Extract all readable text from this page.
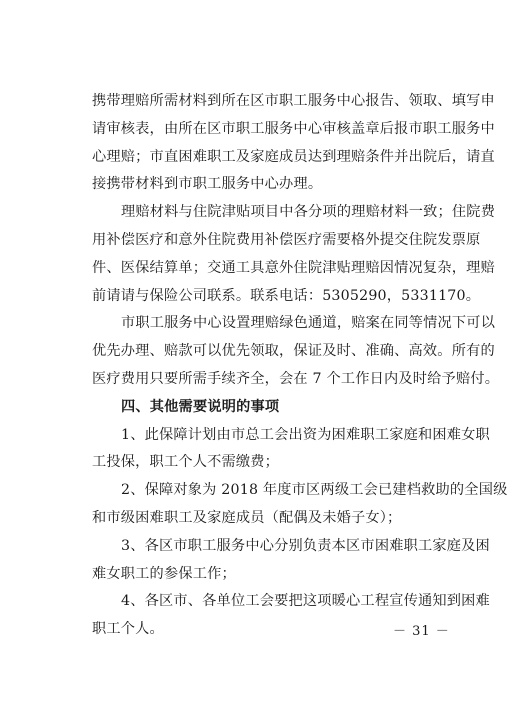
携带理赔所需材料到所在区市职工服务中心报告、领取、填写申
请审核表，由所在区市职工服务中心审核盖章后报市职工服务中
心理赔；市直困难职工及家庭成员达到理赔条件并出院后，请直
接携带材料到市职工服务中心办理。
理赔材料与住院津贴项目中各分项的理赔材料一致；住院费
用补偿医疗和意外住院费用补偿医疗需要格外提交住院发票原
件、医保结算单；交通工具意外住院津贴理赔因情况复杂，理赔
前请请与保险公司联系。联系电话：5305290，5331170。
市职工服务中心设置理赔绿色通道，赔案在同等情况下可以
优先办理、赔款可以优先领取，保证及时、准确、高效。所有的
医疗费用只要所需手续齐全，会在 7 个工作日内及时给予赔付。
四、其他需要说明的事项
1、此保障计划由市总工会出资为困难职工家庭和困难女职
工投保，职工个人不需缴费；
2、保障对象为 2018 年度市区两级工会已建档救助的全国级
和市级困难职工及家庭成员（配偶及未婚子女）；
3、各区市职工服务中心分别负责本区市困难职工家庭及困
难女职工的参保工作；
4、各区市、各单位工会要把这项暖心工程宣传通知到困难
职工个人。	－ 31 －
